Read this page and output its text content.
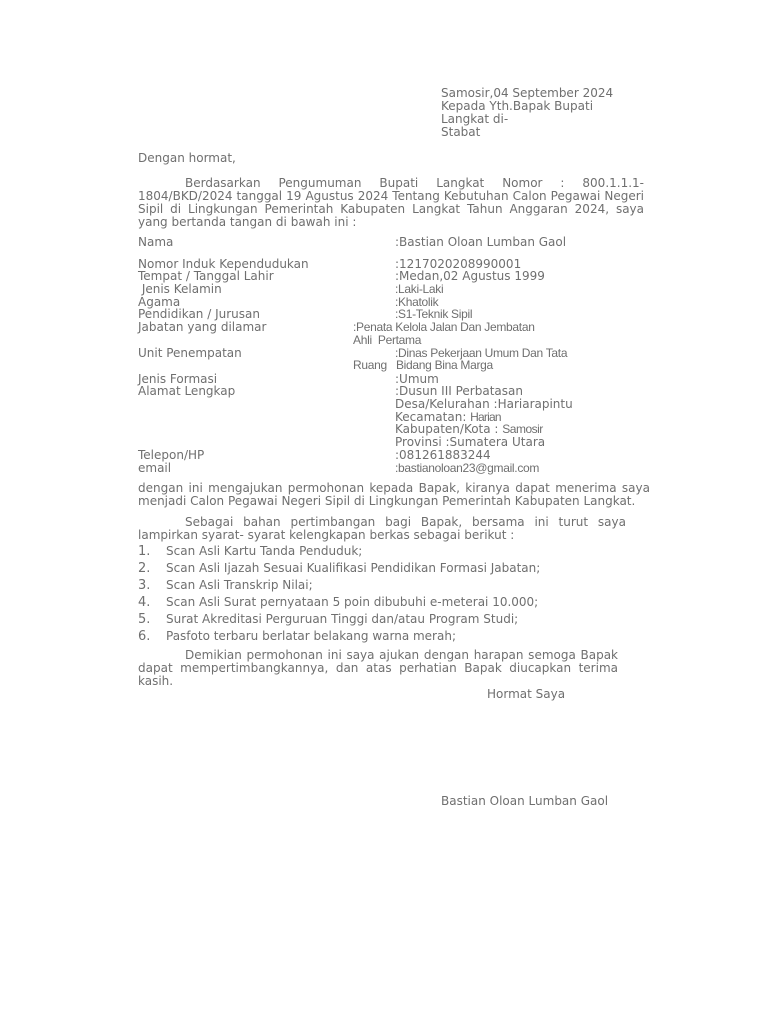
Samosir,04 September 2024
Kepada Yth.Bapak Bupati
Langkat di-
Stabat
Dengan hormat,
Berdasarkan Pengumuman Bupati Langkat Nomor : 800.1.1.1-1804/BKD/2024 tanggal 19 Agustus 2024 Tentang Kebutuhan Calon Pegawai Negeri Sipil di Lingkungan Pemerintah Kabupaten Langkat Tahun Anggaran 2024, saya yang bertanda tangan di bawah ini :
Nama	:Bastian Oloan Lumban Gaol
Nomor Induk Kependudukan	:1217020208990001
Tempat / Tanggal Lahir	:Medan,02 Agustus 1999
Jenis Kelamin	:Laki-Laki
Agama	:Khatolik
Pendidikan / Jurusan	:S1-Teknik Sipil
Jabatan yang dilamar	:Penata Kelola Jalan Dan Jembatan
Ahli  Pertama
Unit Penempatan	:Dinas Pekerjaan Umum Dan Tata
Ruang   Bidang Bina Marga
Jenis Formasi	:Umum
Alamat Lengkap	:Dusun III Perbatasan
Desa/Kelurahan :Hariarapintu
Kecamatan: Harian
Kabupaten/Kota : Samosir
Provinsi :Sumatera Utara
Telepon/HP	:081261883244
email	:bastianoloan23@gmail.com
dengan ini mengajukan permohonan kepada Bapak, kiranya dapat menerima saya menjadi Calon Pegawai Negeri Sipil di Lingkungan Pemerintah Kabupaten Langkat.
Sebagai bahan pertimbangan bagi Bapak, bersama ini turut saya lampirkan syarat- syarat kelengkapan berkas sebagai berikut :
1. Scan Asli Kartu Tanda Penduduk;
2. Scan Asli Ijazah Sesuai Kualifikasi Pendidikan Formasi Jabatan;
3. Scan Asli Transkrip Nilai;
4. Scan Asli Surat pernyataan 5 poin dibubuhi e-meterai 10.000;
5. Surat Akreditasi Perguruan Tinggi dan/atau Program Studi;
6. Pasfoto terbaru berlatar belakang warna merah;
Demikian permohonan ini saya ajukan dengan harapan semoga Bapak dapat mempertimbangkannya, dan atas perhatian Bapak diucapkan terima kasih.
Hormat Saya
Bastian Oloan Lumban Gaol
